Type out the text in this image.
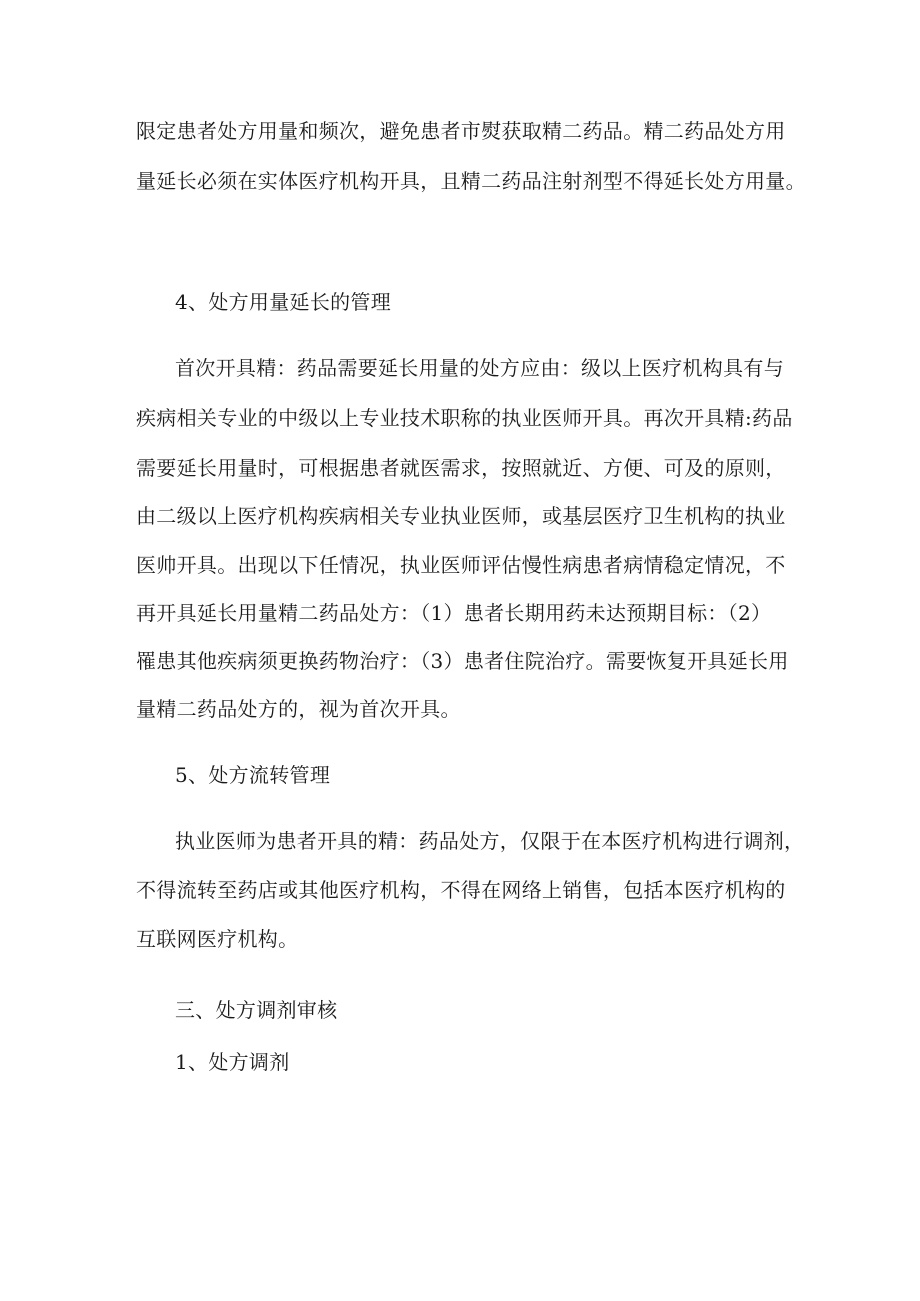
限定患者处方用量和频次，避免患者市熨获取精二药品。精二药品处方用
量延长必须在实体医疗机构开具，且精二药品注射剂型不得延长处方用量。
4、处方用量延长的管理
首次开具精：药品需要延长用量的处方应由：级以上医疗机构具有与
疾病相关专业的中级以上专业技术职称的执业医师开具。再次开具精:药品
需要延长用量时，可根据患者就医需求，按照就近、方便、可及的原则，
由二级以上医疗机构疾病相关专业执业医师，或基层医疗卫生机构的执业
医帅开具。出现以下任情况，执业医师评估慢性病患者病情稳定情况，不
再开具延长用量精二药品处方：（1）患者长期用药未达预期目标：（2）
罹患其他疾病须更换药物治疗：（3）患者住院治疗。需要恢复开具延长用
量精二药品处方的，视为首次开具。
5、处方流转管理
执业医师为患者开具的精：药品处方，仅限于在本医疗机构进行调剂，
不得流转至药店或其他医疗机构，不得在网络上销售，包括本医疗机构的
互联网医疗机构。
三、处方调剂审核
1、处方调剂
